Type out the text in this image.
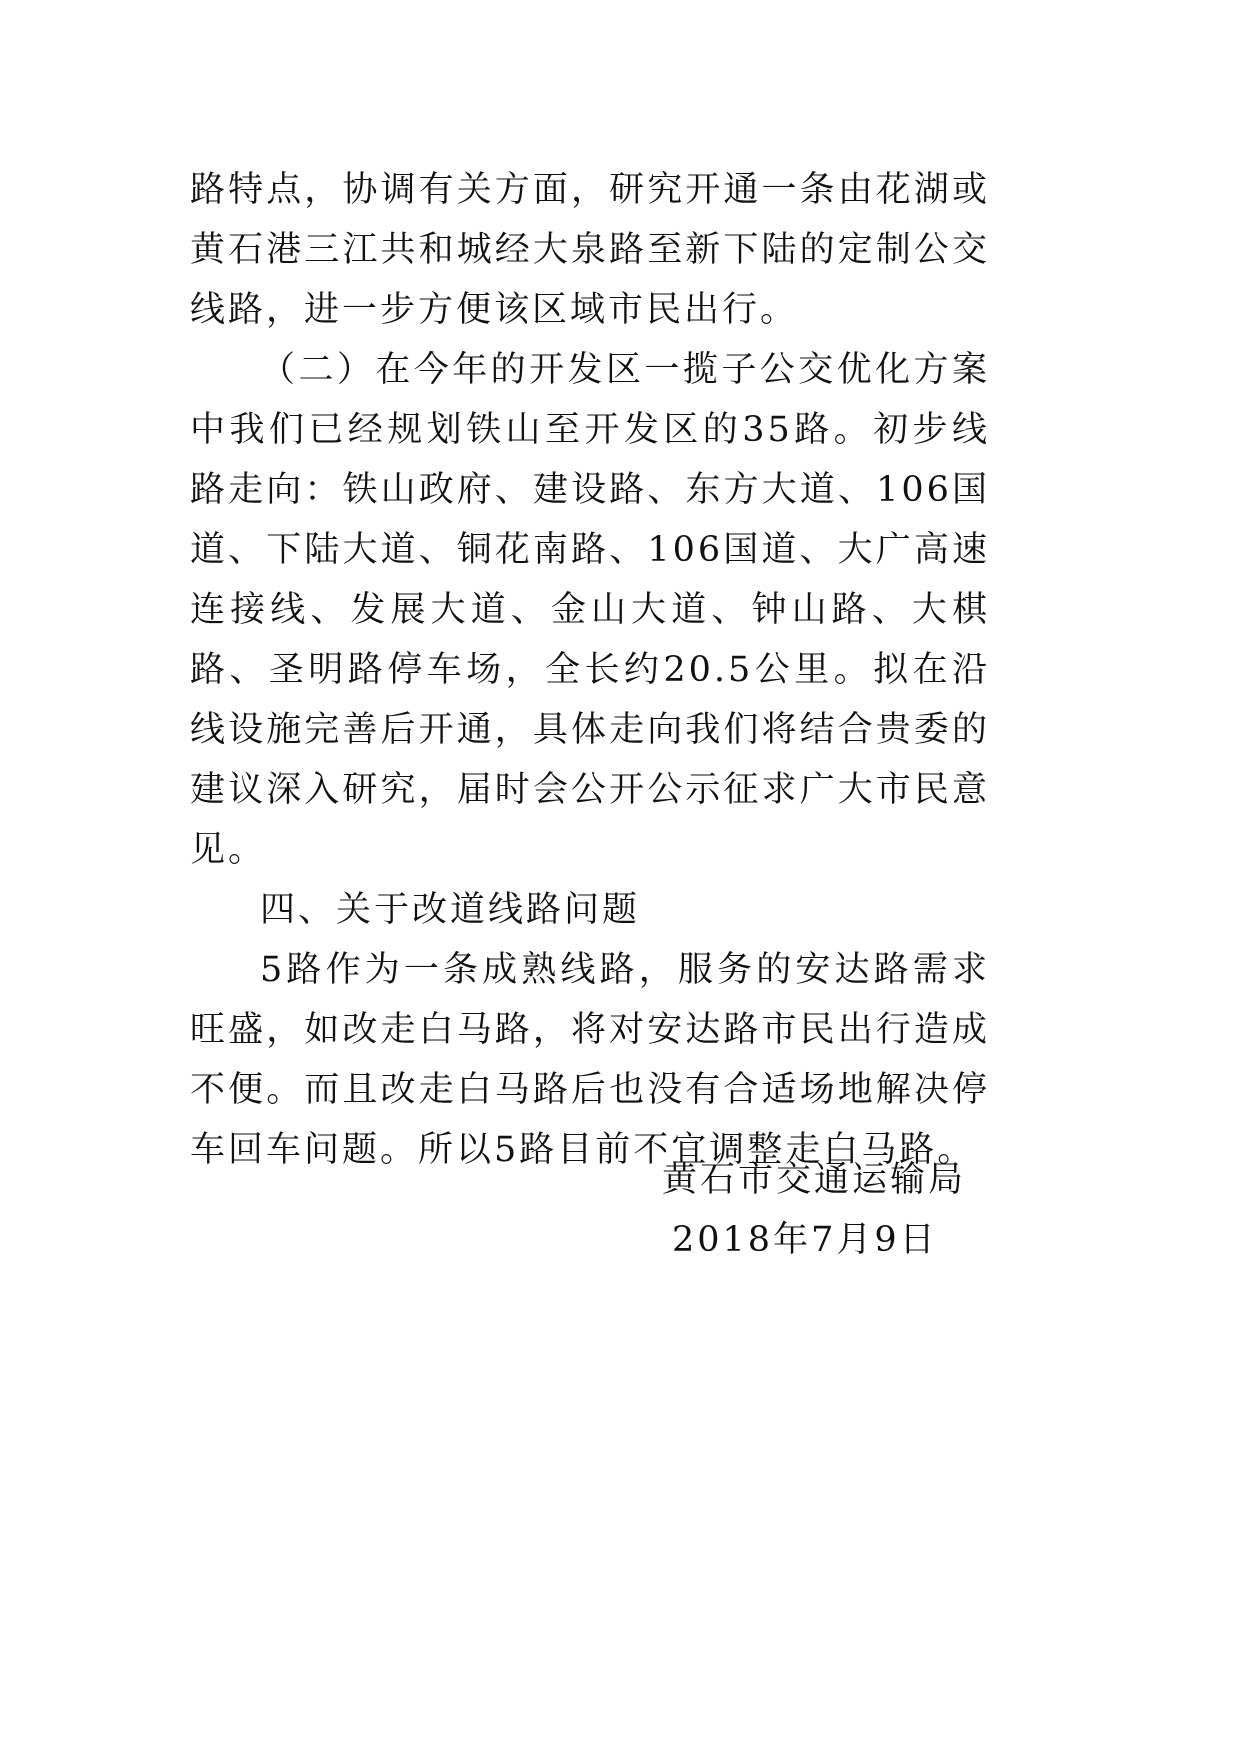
路特点，协调有关方面，研究开通一条由花湖或黄石港三江共和城经大泉路至新下陆的定制公交线路，进一步方便该区域市民出行。

（二）在今年的开发区一揽子公交优化方案中我们已经规划铁山至开发区的35路。初步线路走向：铁山政府、建设路、东方大道、106国道、下陆大道、铜花南路、106国道、大广高速连接线、发展大道、金山大道、钟山路、大棋路、圣明路停车场，全长约20.5公里。拟在沿线设施完善后开通，具体走向我们将结合贵委的建议深入研究，届时会公开公示征求广大市民意见。

四、关于改道线路问题

5路作为一条成熟线路，服务的安达路需求旺盛，如改走白马路，将对安达路市民出行造成不便。而且改走白马路后也没有合适场地解决停车回车问题。所以5路目前不宜调整走白马路。

黄石市交通运输局

2018年7月9日
